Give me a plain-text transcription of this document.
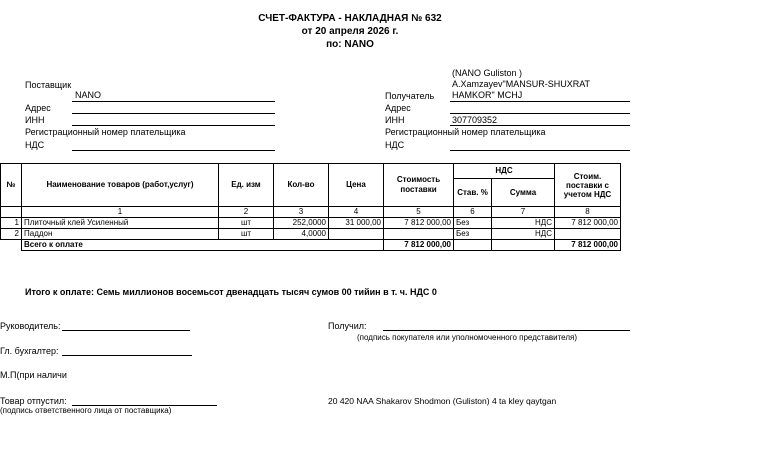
СЧЕТ-ФАКТУРА - НАКЛАДНАЯ № 632
от 20 апреля 2026 г.
по: NANO
Поставщик
NANO
Адрес
ИНН
Регистрационный номер плательщика
НДС
(NANO Guliston )
A.Xamzayev"MANSUR-SHUXRAT
Получатель HAMKOR" MCHJ
Адрес
ИНН	307709352
Регистрационный номер плательщика
НДС
№	Наименование товаров (работ,услуг)	Ед. изм	Кол-во	Цена	Стоимость поставки	НДС		Стоим. поставки с учетом НДС
						Став. %	Сумма	
	1	2	3	4	5	6	7	8
1	Плиточный клей Усиленный	шт	252,0000	31 000,00	7 812 000,00	Без	НДС	7 812 000,00
2	Паддон	шт	4,0000			Без	НДС	
	Всего к оплате				7 812 000,00			7 812 000,00
Итого к оплате: Семь миллионов восемьсот двенадцать тысяч сумов 00 тийин в т. ч. НДС 0
Руководитель:
Гл. бухгалтер:
М.П(при наличи
Товар отпустил:
(подпись ответственного лица от поставщика)
Получил:
(подпись покупателя или уполномоченного представителя)
20 420 NAA Shakarov Shodmon (Guliston) 4 ta kley qaytgan
